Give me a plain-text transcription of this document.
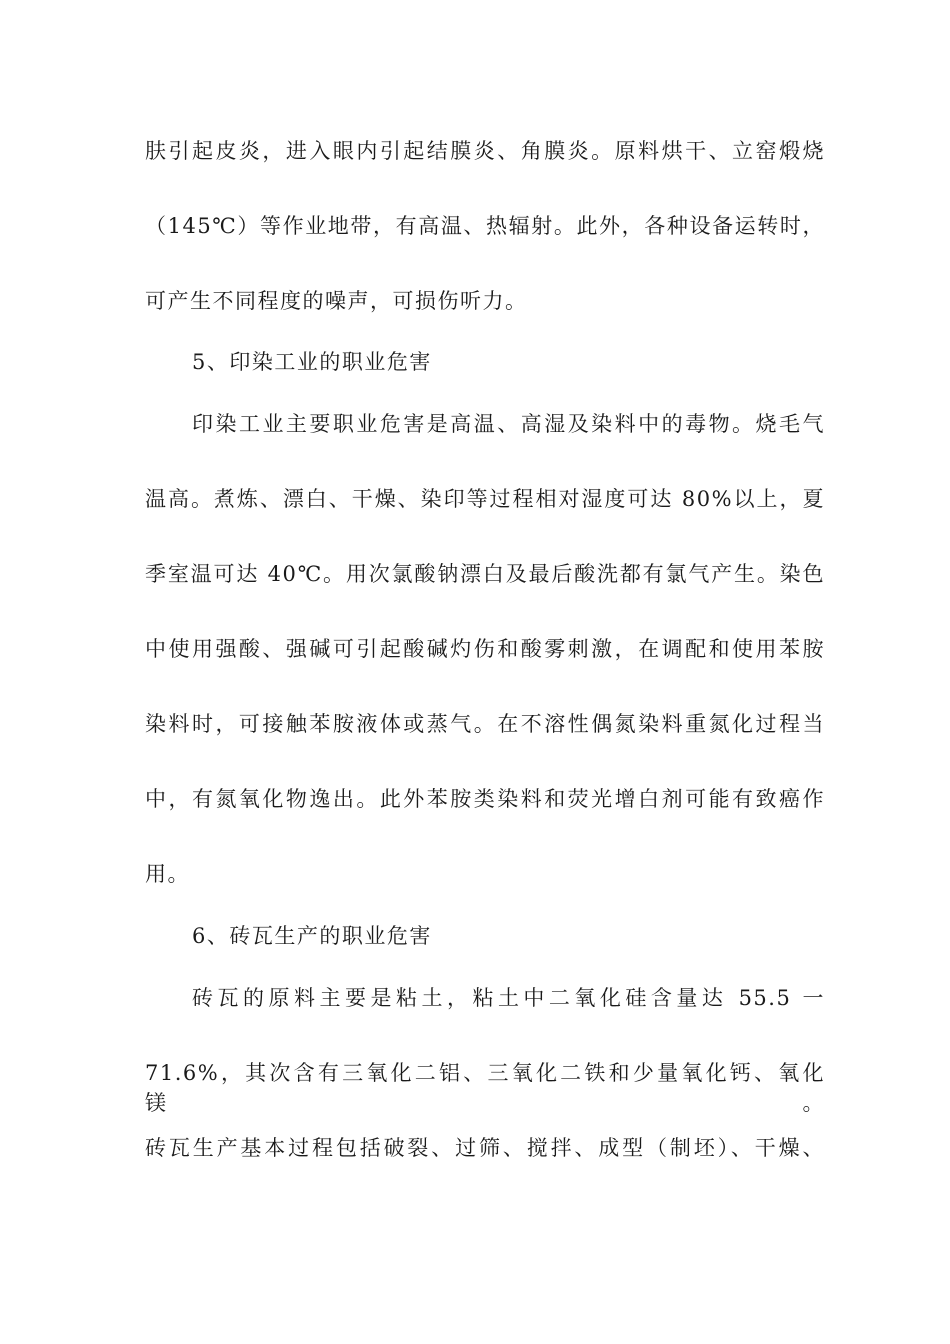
肤引起皮炎，进入眼内引起结膜炎、角膜炎。原料烘干、立窑煅烧
（145℃）等作业地带，有高温、热辐射。此外，各种设备运转时，
可产生不同程度的噪声，可损伤听力。
5、印染工业的职业危害
印染工业主要职业危害是高温、高湿及染料中的毒物。烧毛气
温高。煮炼、漂白、干燥、染印等过程相对湿度可达 80%以上，夏
季室温可达 40℃。用次氯酸钠漂白及最后酸洗都有氯气产生。染色
中使用强酸、强碱可引起酸碱灼伤和酸雾刺激，在调配和使用苯胺
染料时，可接触苯胺液体或蒸气。在不溶性偶氮染料重氮化过程当
中，有氮氧化物逸出。此外苯胺类染料和荧光增白剂可能有致癌作
用。
6、砖瓦生产的职业危害
砖瓦的原料主要是粘土，粘土中二氧化硅含量达 55.5 一
71.6%，其次含有三氧化二铝、三氧化二铁和少量氧化钙、氧化镁。
砖瓦生产基本过程包括破裂、过筛、搅拌、成型（制坯）、干燥、
